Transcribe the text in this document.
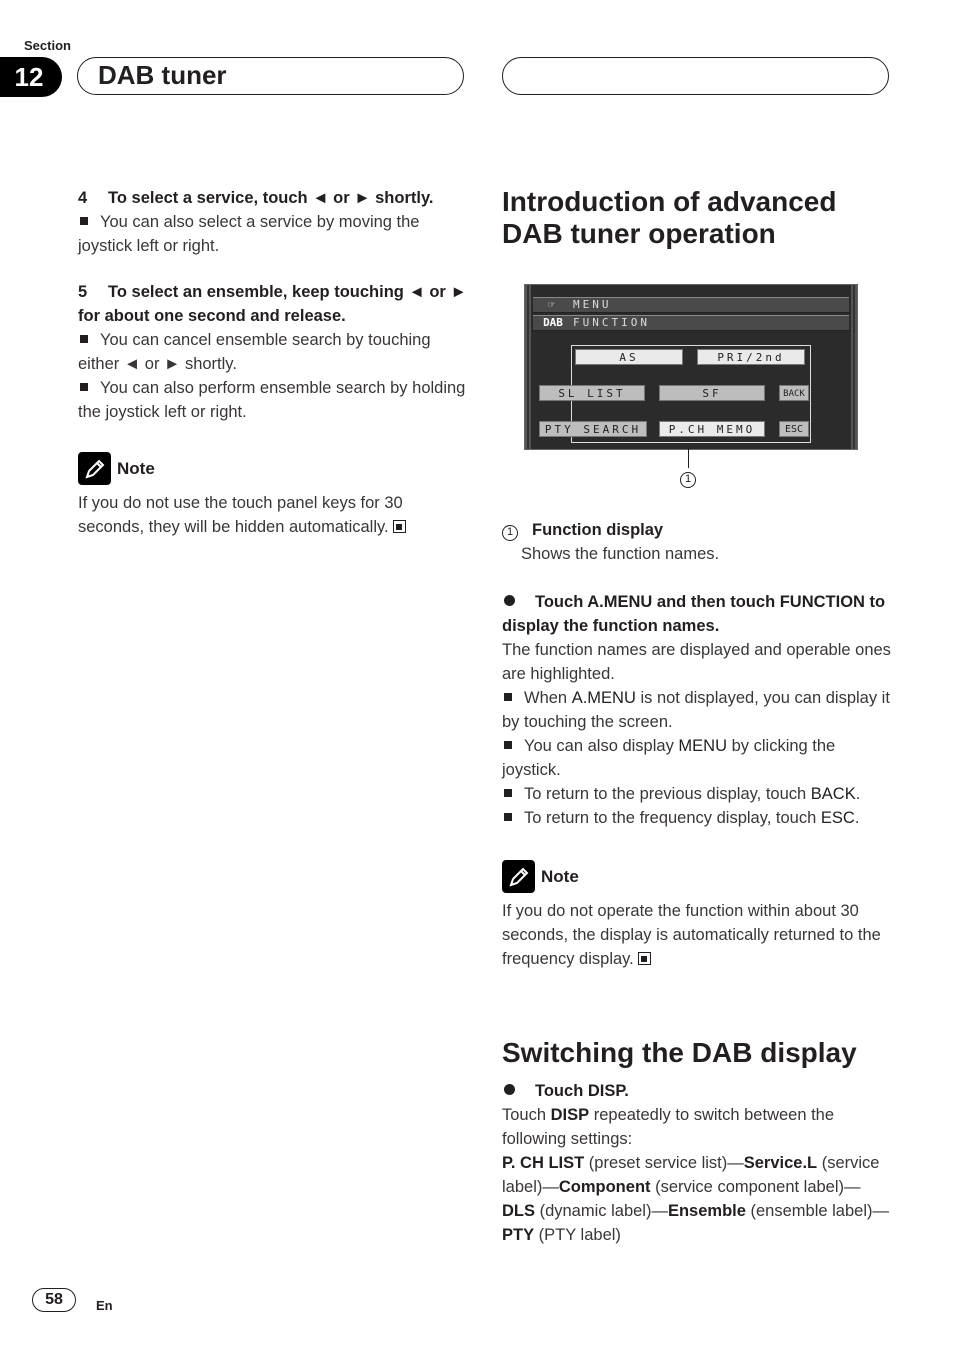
Section
12	DAB tuner
4 To select a service, touch ◄ or ► shortly.
You can also select a service by moving the joystick left or right.
5 To select an ensemble, keep touching ◄ or ► for about one second and release.
You can cancel ensemble search by touching either ◄ or ► shortly.
You can also perform ensemble search by holding the joystick left or right.
Note
If you do not use the touch panel keys for 30 seconds, they will be hidden automatically.
Introduction of advanced DAB tuner operation
☞ MENU
DAB FUNCTION
AS	PRI/2nd
SL LIST	SF	BACK
PTY SEARCH	P.CH MEMO	ESC
1
1 Function display
Shows the function names.
Touch A.MENU and then touch FUNCTION to display the function names.
The function names are displayed and operable ones are highlighted.
When A.MENU is not displayed, you can display it by touching the screen.
You can also display MENU by clicking the joystick.
To return to the previous display, touch BACK.
To return to the frequency display, touch ESC.
Note
If you do not operate the function within about 30 seconds, the display is automatically returned to the frequency display.
Switching the DAB display
Touch DISP.
Touch DISP repeatedly to switch between the following settings:
P. CH LIST (preset service list)—Service.L (service label)—Component (service component label)—DLS (dynamic label)—Ensemble (ensemble label)—PTY (PTY label)
58	En
